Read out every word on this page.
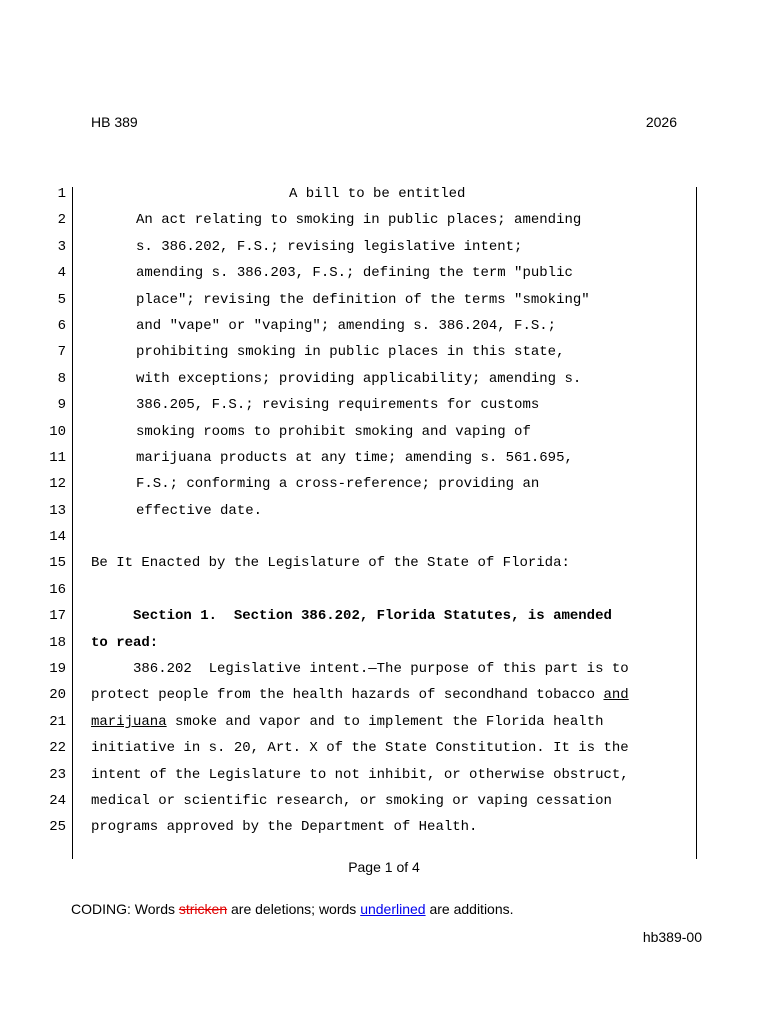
HB 389	2026
1	A bill to be entitled
2	An act relating to smoking in public places; amending
3	s. 386.202, F.S.; revising legislative intent;
4	amending s. 386.203, F.S.; defining the term "public
5	place"; revising the definition of the terms "smoking"
6	and "vape" or "vaping"; amending s. 386.204, F.S.;
7	prohibiting smoking in public places in this state,
8	with exceptions; providing applicability; amending s.
9	386.205, F.S.; revising requirements for customs
10	smoking rooms to prohibit smoking and vaping of
11	marijuana products at any time; amending s. 561.695,
12	F.S.; conforming a cross-reference; providing an
13	effective date.
14
15 Be It Enacted by the Legislature of the State of Florida:
16
17 Section 1.  Section 386.202, Florida Statutes, is amended
18 to read:
19 386.202  Legislative intent.—The purpose of this part is to
20 protect people from the health hazards of secondhand tobacco and
21 marijuana smoke and vapor and to implement the Florida health
22 initiative in s. 20, Art. X of the State Constitution. It is the
23 intent of the Legislature to not inhibit, or otherwise obstruct,
24 medical or scientific research, or smoking or vaping cessation
25 programs approved by the Department of Health.
Page 1 of 4
CODING: Words stricken are deletions; words underlined are additions.
hb389-00
